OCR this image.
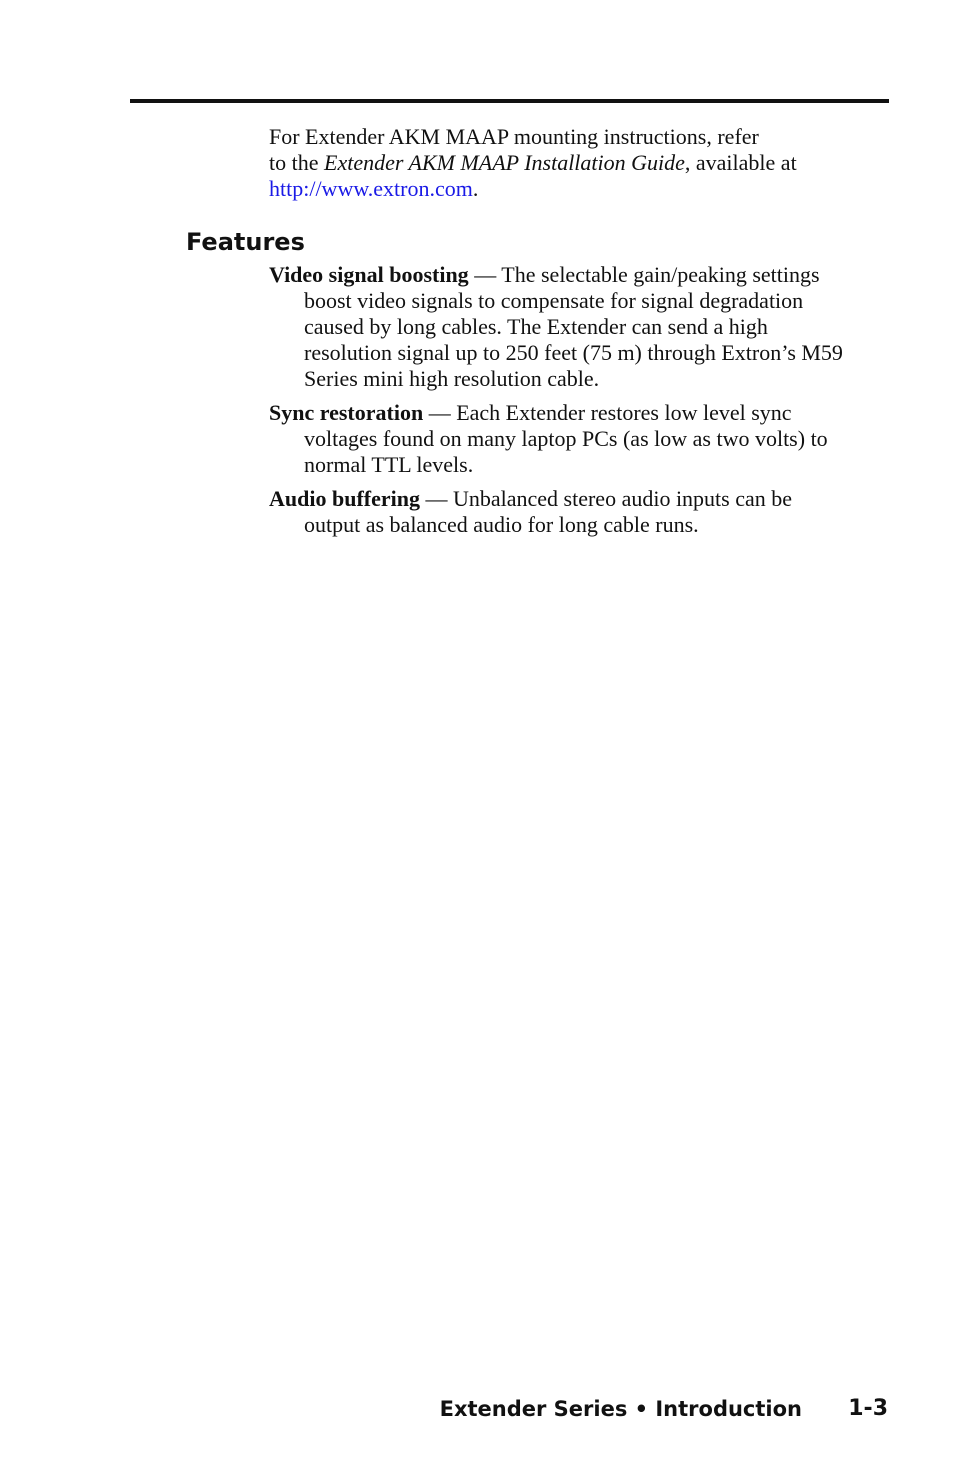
For Extender AKM MAAP mounting instructions, refer
to the Extender AKM MAAP Installation Guide, available at
http://www.extron.com.
Features
Video signal boosting — The selectable gain/peaking settings
boost video signals to compensate for signal degradation
caused by long cables. The Extender can send a high
resolution signal up to 250 feet (75 m) through Extron’s M59
Series mini high resolution cable.
Sync restoration — Each Extender restores low level sync
voltages found on many laptop PCs (as low as two volts) to
normal TTL levels.
Audio buffering — Unbalanced stereo audio inputs can be
output as balanced audio for long cable runs.
Extender Series • Introduction 1-3
